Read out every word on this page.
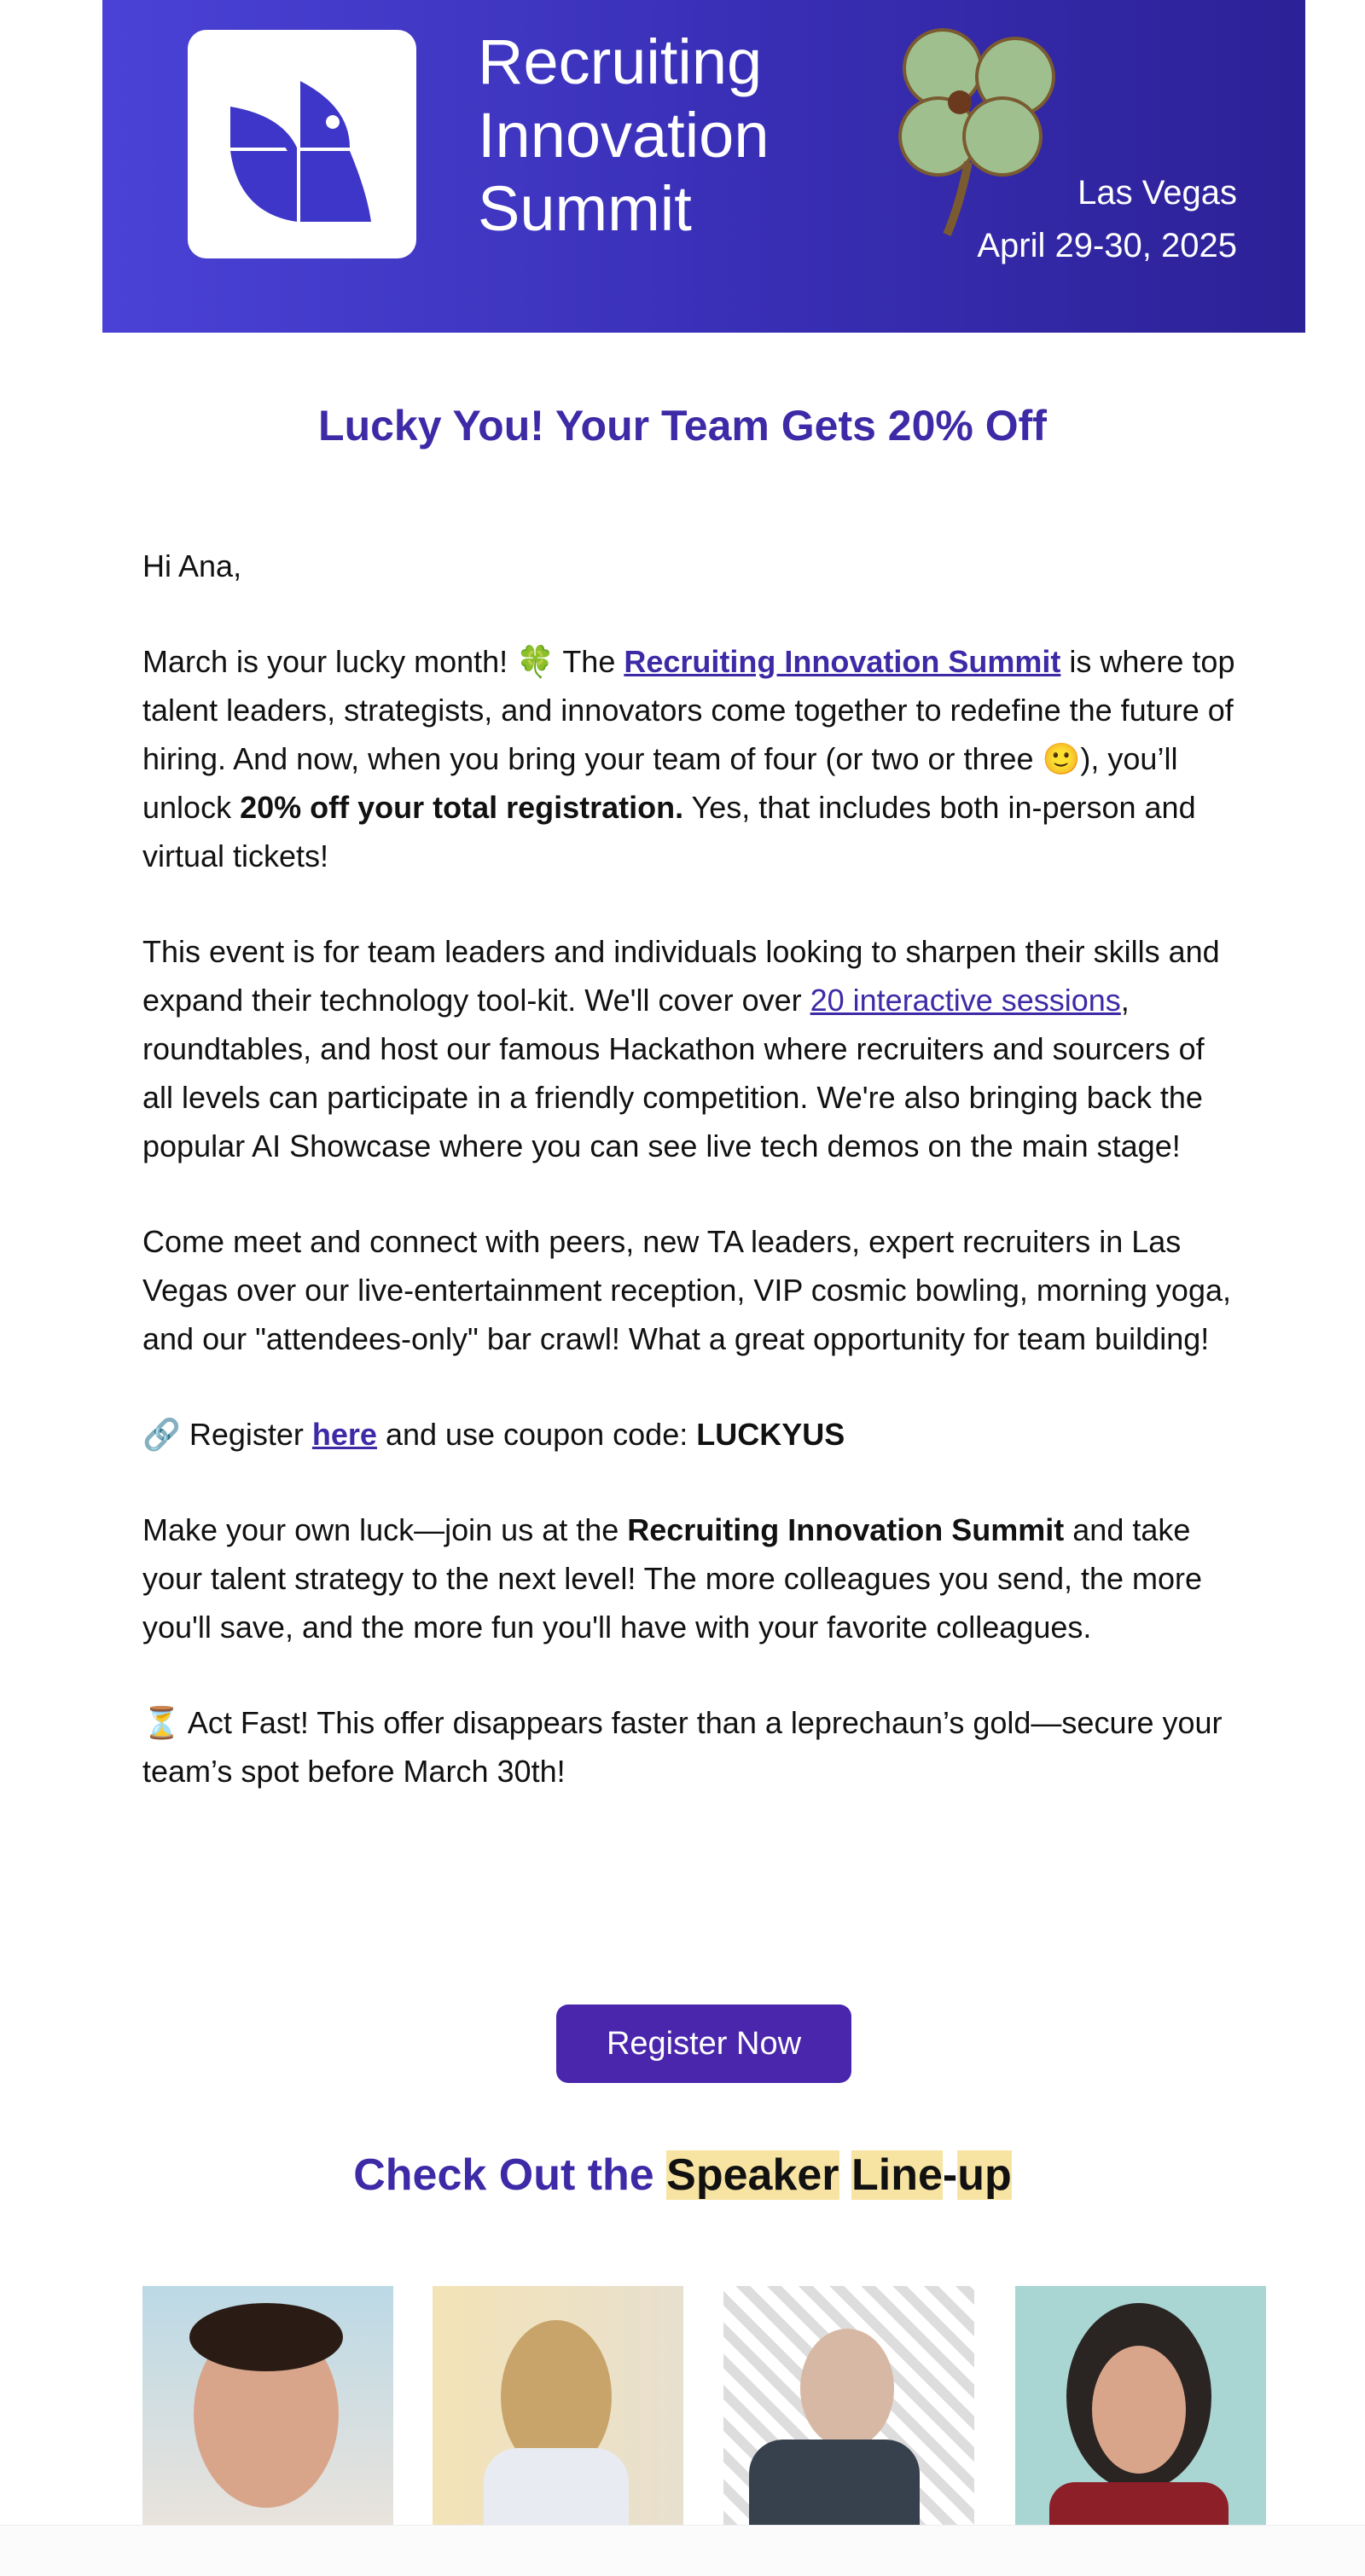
Recruiting
Innovation
Summit	Las Vegas
April 29-30, 2025
Lucky You! Your Team Gets 20% Off

Hi Ana,

March is your lucky month! 🍀 The Recruiting Innovation Summit is where top talent leaders, strategists, and innovators come together to redefine the future of hiring. And now, when you bring your team of four (or two or three 🙂), you’ll unlock 20% off your total registration. Yes, that includes both in-person and virtual tickets!

This event is for team leaders and individuals looking to sharpen their skills and expand their technology tool-kit. We'll cover over 20 interactive sessions, roundtables, and host our famous Hackathon where recruiters and sourcers of all levels can participate in a friendly competition. We're also bringing back the popular AI Showcase where you can see live tech demos on the main stage!

Come meet and connect with peers, new TA leaders, expert recruiters in Las Vegas over our live-entertainment reception, VIP cosmic bowling, morning yoga, and our "attendees-only" bar crawl! What a great opportunity for team building!

🔗 Register here and use coupon code: LUCKYUS

Make your own luck—join us at the Recruiting Innovation Summit and take your talent strategy to the next level! The more colleagues you send, the more you'll save, and the more fun you'll have with your favorite colleagues.

⏳ Act Fast! This offer disappears faster than a leprechaun’s gold—secure your team’s spot before March 30th!

Register Now
Check Out the Speaker Line-up
